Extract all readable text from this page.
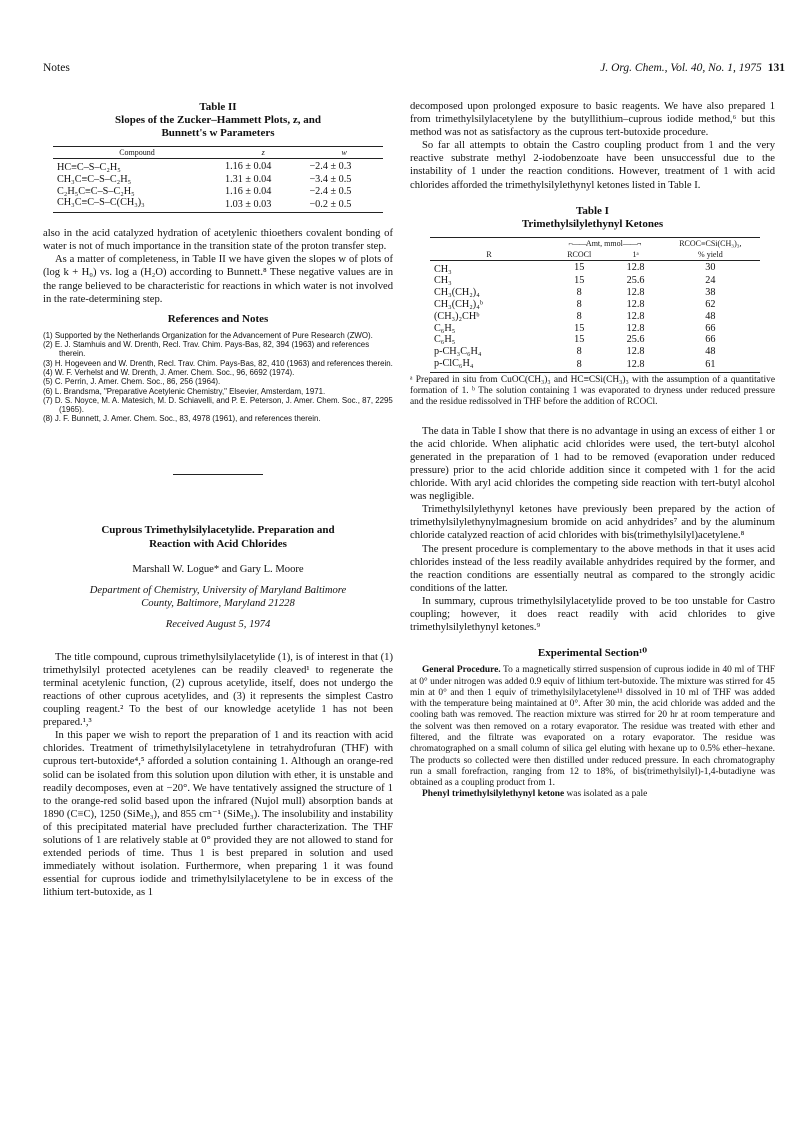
Notes	J. Org. Chem., Vol. 40, No. 1, 1975 131
Table II
Slopes of the Zucker–Hammett Plots, z, and
Bunnett's w Parameters
Compound	z	w
HC≡C–S–C₂H₅	1.16 ± 0.04	−2.4 ± 0.3
CH₃C≡C–S–C₂H₅	1.31 ± 0.04	−3.4 ± 0.5
C₂H₅C≡C–S–C₂H₅	1.16 ± 0.04	−2.4 ± 0.5
CH₃C≡C–S–C(CH₃)₃	1.03 ± 0.03	−0.2 ± 0.5

also in the acid catalyzed hydration of acetylenic thioethers covalent bonding of water is not of much importance in the transition state of the proton transfer step.

As a matter of completeness, in Table II we have given the slopes w of plots of (log k + H₀) vs. log a (H₂O) according to Bunnett.⁸ These negative values are in the range believed to be characteristic for reactions in which water is not involved in the rate-determining step.

References and Notes
(1) Supported by the Netherlands Organization for the Advancement of Pure Research (ZWO).
(2) E. J. Stamhuis and W. Drenth, Recl. Trav. Chim. Pays-Bas, 82, 394 (1963) and references therein.
(3) H. Hogeveen and W. Drenth, Recl. Trav. Chim. Pays-Bas, 82, 410 (1963) and references therein.
(4) W. F. Verhelst and W. Drenth, J. Amer. Chem. Soc., 96, 6692 (1974).
(5) C. Perrin, J. Amer. Chem. Soc., 86, 256 (1964).
(6) L. Brandsma, "Preparative Acetylenic Chemistry," Elsevier, Amsterdam, 1971.
(7) D. S. Noyce, M. A. Matesich, M. D. Schiavelli, and P. E. Peterson, J. Amer. Chem. Soc., 87, 2295 (1965).
(8) J. F. Bunnett, J. Amer. Chem. Soc., 83, 4978 (1961), and references therein.
Cuprous Trimethylsilylacetylide. Preparation and
Reaction with Acid Chlorides
Marshall W. Logue* and Gary L. Moore
Department of Chemistry, University of Maryland Baltimore
County, Baltimore, Maryland 21228
Received August 5, 1974

The title compound, cuprous trimethylsilylacetylide (1), is of interest in that (1) trimethylsilyl protected acetylenes can be readily cleaved¹ to regenerate the terminal acetylenic function, (2) cuprous acetylide, itself, does not undergo the reactions of other cuprous acetylides, and (3) it represents the simplest Castro coupling reagent.² To the best of our knowledge acetylide 1 has not been prepared.¹,³

In this paper we wish to report the preparation of 1 and its reaction with acid chlorides. Treatment of trimethylsilylacetylene in tetrahydrofuran (THF) with cuprous tert-butoxide⁴,⁵ afforded a solution containing 1. Although an orange-red solid can be isolated from this solution upon dilution with ether, it is unstable and readily decomposes, even at −20°. We have tentatively assigned the structure of 1 to the orange-red solid based upon the infrared (Nujol mull) absorption bands at 1890 (C≡C), 1250 (SiMe₃), and 855 cm⁻¹ (SiMe₃). The insolubility and instability of this precipitated material have precluded further characterization. The THF solutions of 1 are relatively stable at 0° provided they are not allowed to stand for extended periods of time. Thus 1 is best prepared in solution and used immediately without isolation. Furthermore, when preparing 1 it was found essential for cuprous iodide and trimethylsilylacetylene to be in excess of the lithium tert-butoxide, as 1

decomposed upon prolonged exposure to basic reagents. We have also prepared 1 from trimethylsilylacetylene by the butyllithium–cuprous iodide method,⁶ but this method was not as satisfactory as the cuprous tert-butoxide procedure.

So far all attempts to obtain the Castro coupling product from 1 and the very reactive substrate methyl 2-iodobenzoate have been unsuccessful due to the instability of 1 under the reaction conditions. However, treatment of 1 with acid chlorides afforded the trimethylsilylethynyl ketones listed in Table I.

Table I
Trimethylsilylethynyl Ketones
R	⌐——Amt, mmol——¬		RCOC≡CSi(CH₃)₃,
	RCOCl	1ᵃ	% yield
CH₃	15	12.8	30
CH₃	15	25.6	24
CH₃(CH₂)₄	8	12.8	38
CH₃(CH₂)₄ᵇ	8	12.8	62
(CH₃)₂CHᵇ	8	12.8	48
C₆H₅	15	12.8	66
C₆H₅	15	25.6	66
p-CH₃C₆H₄	8	12.8	48
p-ClC₆H₄	8	12.8	61
ᵃ Prepared in situ from CuOC(CH₃)₃ and HC≡CSi(CH₃)₃ with the assumption of a quantitative formation of 1. ᵇ The solution containing 1 was evaporated to dryness under reduced pressure and the residue redissolved in THF before the addition of RCOCl.

The data in Table I show that there is no advantage in using an excess of either 1 or the acid chloride. When aliphatic acid chlorides were used, the tert-butyl alcohol generated in the preparation of 1 had to be removed (evaporation under reduced pressure) prior to the acid chloride addition since it competed with 1 for the acid chloride. With aryl acid chlorides the competing side reaction with tert-butyl alcohol was negligible.

Trimethylsilylethynyl ketones have previously been prepared by the action of trimethylsilylethynylmagnesium bromide on acid anhydrides⁷ and by the aluminum chloride catalyzed reaction of acid chlorides with bis(trimethylsilyl)acetylene.⁸

The present procedure is complementary to the above methods in that it uses acid chlorides instead of the less readily available anhydrides required by the former, and the reaction conditions are essentially neutral as compared to the strongly acidic conditions of the latter.

In summary, cuprous trimethylsilylacetylide proved to be too unstable for Castro coupling; however, it does react readily with acid chlorides to give trimethylsilylethynyl ketones.⁹

Experimental Section¹⁰
General Procedure. To a magnetically stirred suspension of cuprous iodide in 40 ml of THF at 0° under nitrogen was added 0.9 equiv of lithium tert-butoxide. The mixture was stirred for 45 min at 0° and then 1 equiv of trimethylsilylacetylene¹¹ dissolved in 10 ml of THF was added with the temperature being maintained at 0°. After 30 min, the acid chloride was added and the cooling bath was removed. The reaction mixture was stirred for 20 hr at room temperature and the solvent was then removed on a rotary evaporator. The residue was treated with ether and filtered, and the filtrate was evaporated on a rotary evaporator. The residue was chromatographed on a small column of silica gel eluting with hexane up to 0.5% ether–hexane. The products so collected were then distilled under reduced pressure. In each chromatography run a small forefraction, ranging from 12 to 18%, of bis(trimethylsilyl)-1,4-butadiyne was obtained as a coupling product from 1.
Phenyl trimethylsilylethynyl ketone was isolated as a pale
